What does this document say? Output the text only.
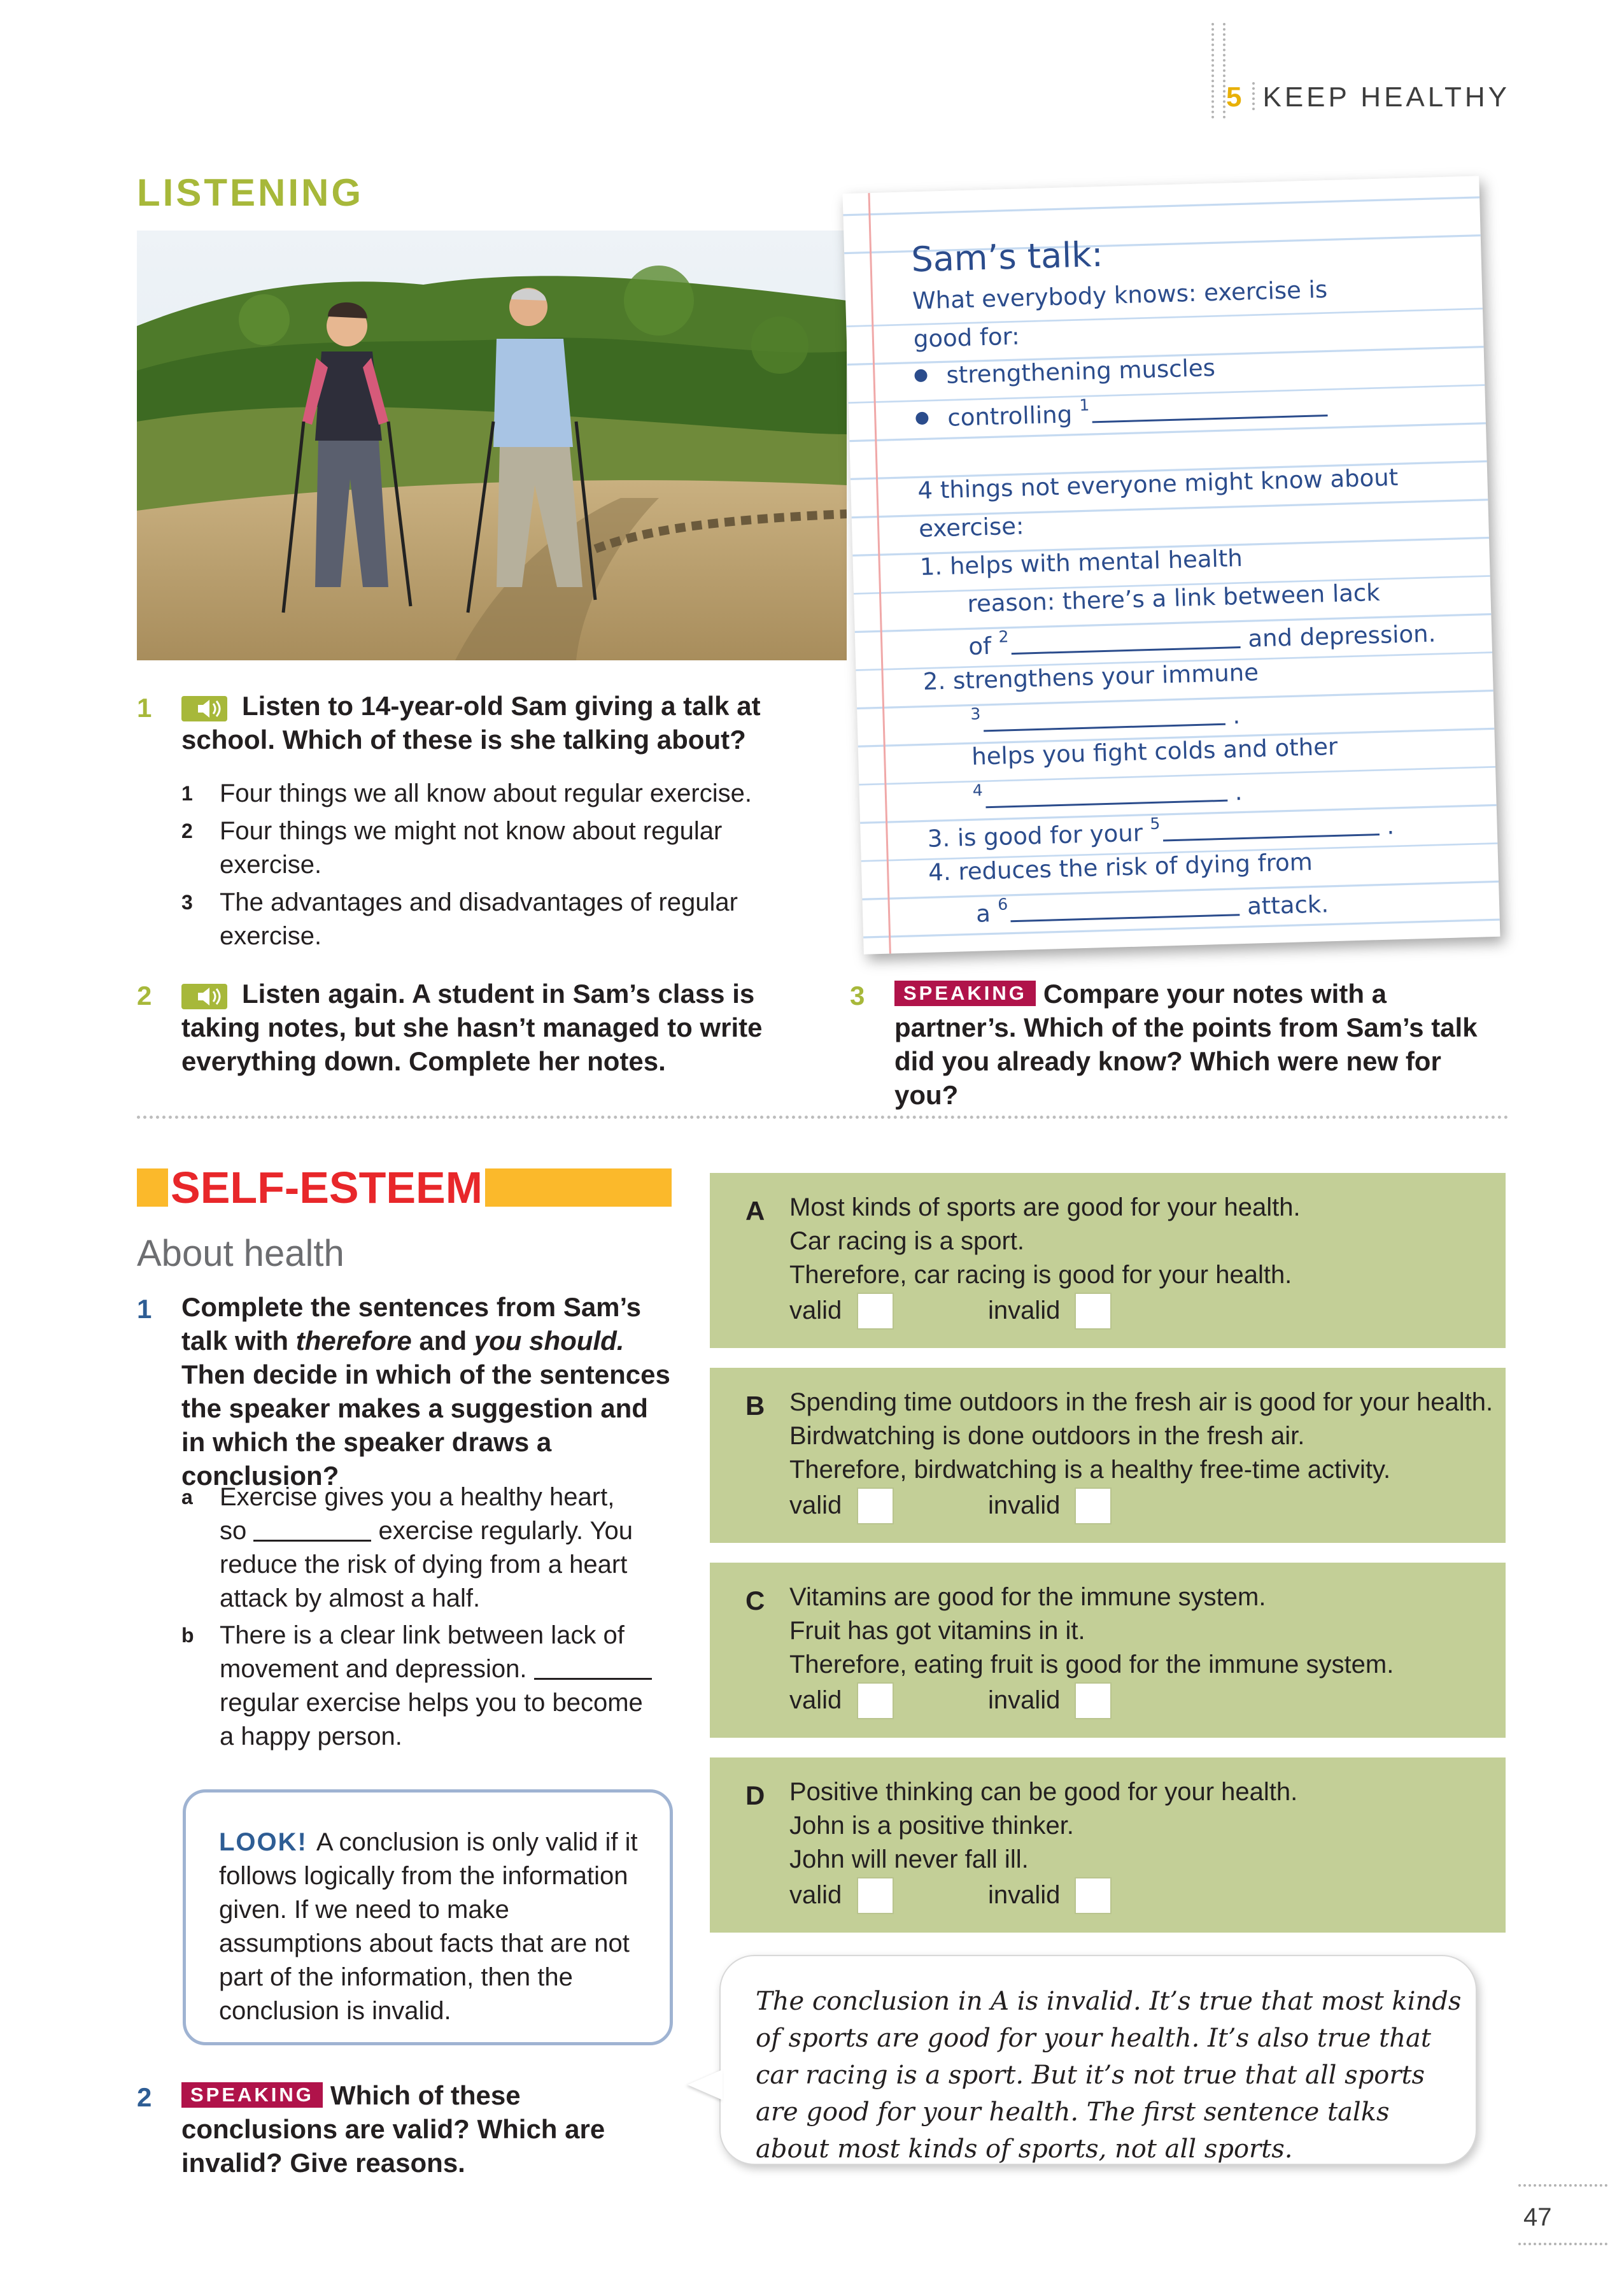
5 KEEP HEALTHY
LISTENING
1	Listen to 14-year-old Sam giving a talk at school. Which of these is she talking about?
1 Four things we all know about regular exercise.
2 Four things we might not know about regular exercise.
3 The advantages and disadvantages of regular exercise.
2	Listen again. A student in Sam’s class is taking notes, but she hasn’t managed to write everything down. Complete her notes.
3	SPEAKING Compare your notes with a partner’s. Which of the points from Sam’s talk did you already know? Which were new for you?
Sam’s talk:
What everybody knows: exercise is
good for:
strengthening muscles
controlling $^1$
4 things not everyone might know about
exercise:
1. helps with mental health
reason: there’s a link between lack
of $^2$	and depression.
2. strengthens your immune
$^3$	.
helps you fight colds and other
$^4$	.
3. is good for your $^5$	.
4. reduces the risk of dying from
a $^6$	attack.
SELF-ESTEEM
About health
1 Complete the sentences from Sam’s talk with therefore and you should. Then decide in which of the sentences the speaker makes a suggestion and in which the speaker draws a conclusion?
a Exercise gives you a healthy heart,
so	exercise regularly. You
reduce the risk of dying from a heart
attack by almost a half.
b There is a clear link between lack of
movement and depression.
regular exercise helps you to become
a happy person.
LOOK! A conclusion is only valid if it follows logically from the information given. If we need to make assumptions about facts that are not part of the information, then the conclusion is invalid.
2	SPEAKING Which of these conclusions are valid? Which are invalid? Give reasons.
A Most kinds of sports are good for your health.
Car racing is a sport.
Therefore, car racing is good for your health.
valid	invalid
B Spending time outdoors in the fresh air is good for your health.
Birdwatching is done outdoors in the fresh air.
Therefore, birdwatching is a healthy free-time activity.
valid	invalid
C Vitamins are good for the immune system.
Fruit has got vitamins in it.
Therefore, eating fruit is good for the immune system.
valid	invalid
D Positive thinking can be good for your health.
John is a positive thinker.
John will never fall ill.
valid	invalid
The conclusion in A is invalid. It’s true that most kinds of sports are good for your health. It’s also true that car racing is a sport. But it’s not true that all sports are good for your health. The first sentence talks about most kinds of sports, not all sports.
47
